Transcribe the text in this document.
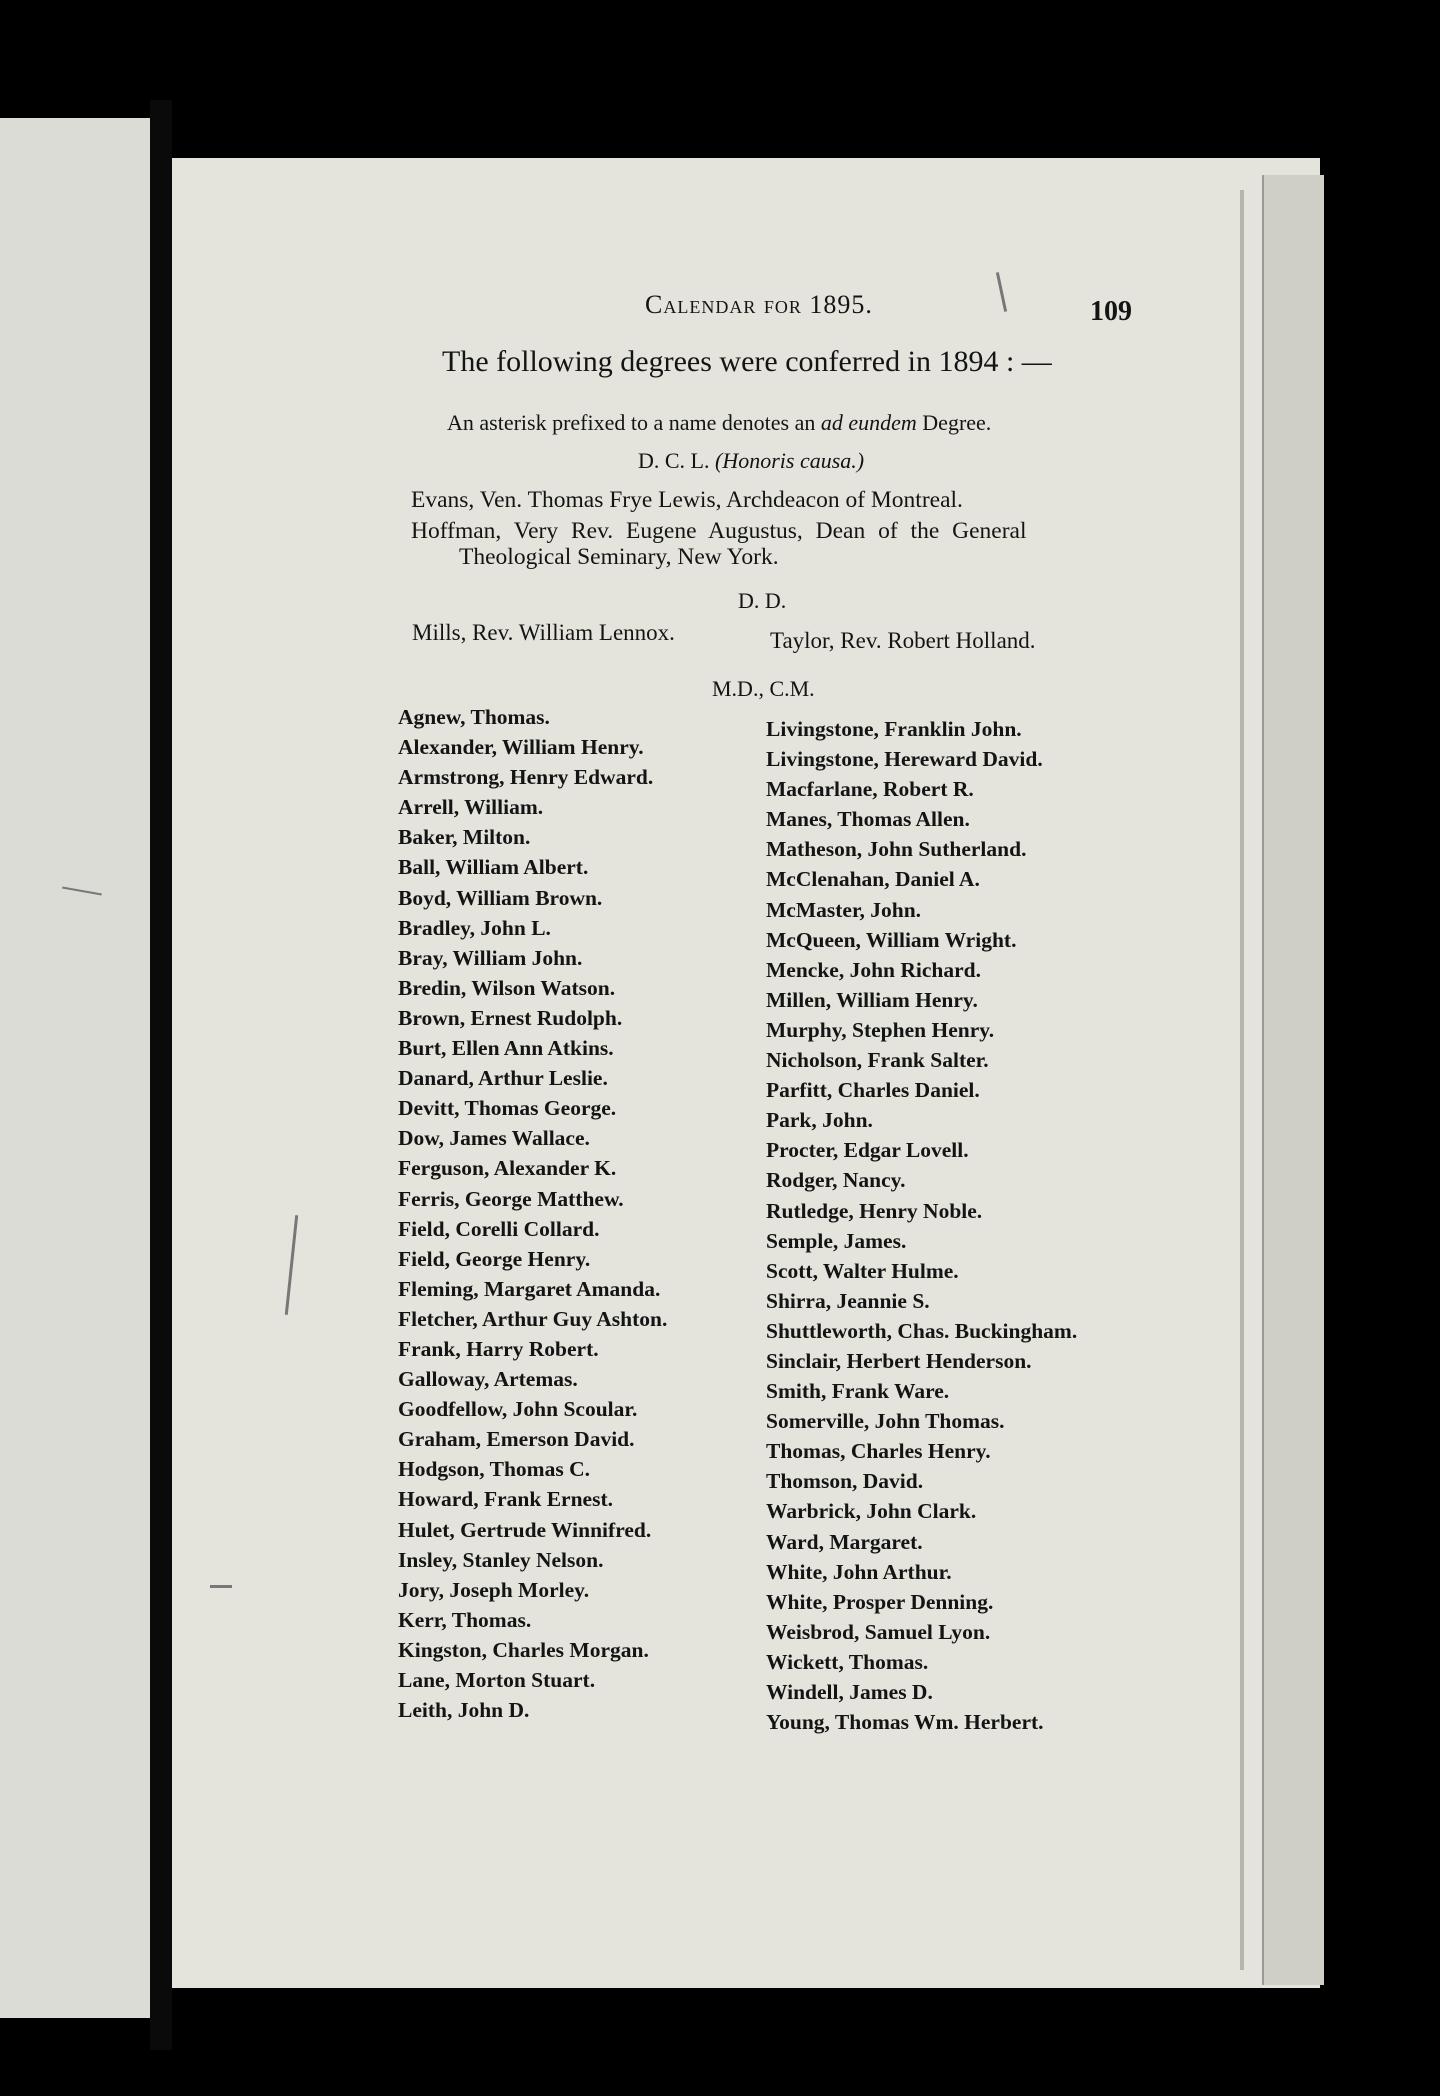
Calendar for 1895.	109
The following degrees were conferred in 1894 : —
An asterisk prefixed to a name denotes an ad eundem Degree.
D. C. L. (Honoris causa.)
Evans, Ven. Thomas Frye Lewis, Archdeacon of Montreal.
Hoffman, Very Rev. Eugene Augustus, Dean of the General
Theological Seminary, New York.
D. D.
Mills, Rev. William Lennox.	Taylor, Rev. Robert Holland.
M.D., C.M.
Agnew, Thomas.
Alexander, William Henry.
Armstrong, Henry Edward.
Arrell, William.
Baker, Milton.
Ball, William Albert.
Boyd, William Brown.
Bradley, John L.
Bray, William John.
Bredin, Wilson Watson.
Brown, Ernest Rudolph.
Burt, Ellen Ann Atkins.
Danard, Arthur Leslie.
Devitt, Thomas George.
Dow, James Wallace.
Ferguson, Alexander K.
Ferris, George Matthew.
Field, Corelli Collard.
Field, George Henry.
Fleming, Margaret Amanda.
Fletcher, Arthur Guy Ashton.
Frank, Harry Robert.
Galloway, Artemas.
Goodfellow, John Scoular.
Graham, Emerson David.
Hodgson, Thomas C.
Howard, Frank Ernest.
Hulet, Gertrude Winnifred.
Insley, Stanley Nelson.
Jory, Joseph Morley.
Kerr, Thomas.
Kingston, Charles Morgan.
Lane, Morton Stuart.
Leith, John D.
Livingstone, Franklin John.
Livingstone, Hereward David.
Macfarlane, Robert R.
Manes, Thomas Allen.
Matheson, John Sutherland.
McClenahan, Daniel A.
McMaster, John.
McQueen, William Wright.
Mencke, John Richard.
Millen, William Henry.
Murphy, Stephen Henry.
Nicholson, Frank Salter.
Parfitt, Charles Daniel.
Park, John.
Procter, Edgar Lovell.
Rodger, Nancy.
Rutledge, Henry Noble.
Semple, James.
Scott, Walter Hulme.
Shirra, Jeannie S.
Shuttleworth, Chas. Buckingham.
Sinclair, Herbert Henderson.
Smith, Frank Ware.
Somerville, John Thomas.
Thomas, Charles Henry.
Thomson, David.
Warbrick, John Clark.
Ward, Margaret.
White, John Arthur.
White, Prosper Denning.
Weisbrod, Samuel Lyon.
Wickett, Thomas.
Windell, James D.
Young, Thomas Wm. Herbert.
